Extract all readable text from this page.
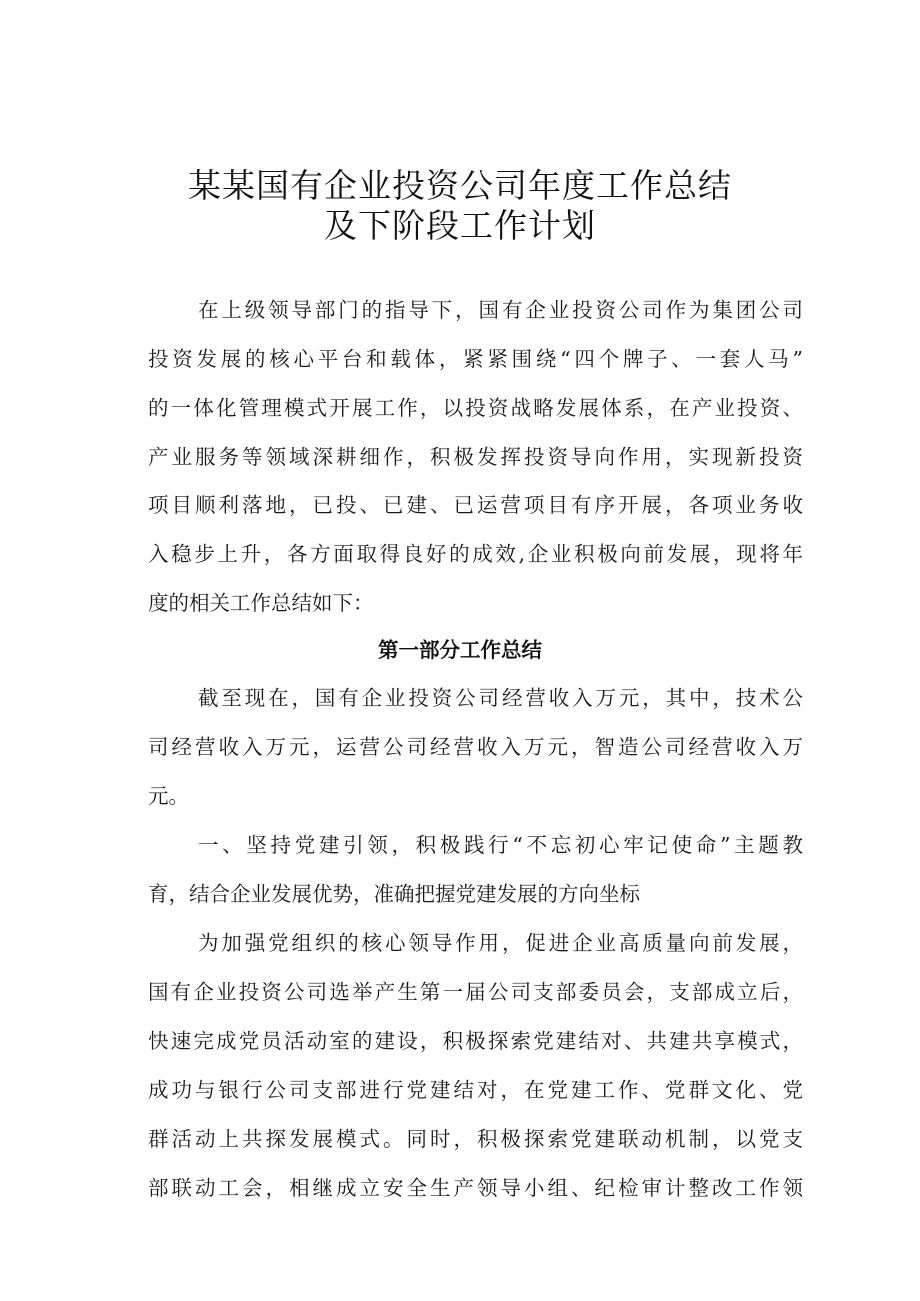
某某国有企业投资公司年度工作总结
及下阶段工作计划
在上级领导部门的指导下，国有企业投资公司作为集团公司
投资发展的核心平台和载体，紧紧围绕“四个牌子、一套人马”
的一体化管理模式开展工作，以投资战略发展体系，在产业投资、
产业服务等领域深耕细作，积极发挥投资导向作用，实现新投资
项目顺利落地，已投、已建、已运营项目有序开展，各项业务收
入稳步上升，各方面取得良好的成效,企业积极向前发展，现将年
度的相关工作总结如下：
第一部分工作总结
截至现在，国有企业投资公司经营收入万元，其中，技术公
司经营收入万元，运营公司经营收入万元，智造公司经营收入万
元。
一、坚持党建引领，积极践行“不忘初心牢记使命”主题教
育，结合企业发展优势，准确把握党建发展的方向坐标
为加强党组织的核心领导作用，促进企业高质量向前发展，
国有企业投资公司选举产生第一届公司支部委员会，支部成立后，
快速完成党员活动室的建设，积极探索党建结对、共建共享模式，
成功与银行公司支部进行党建结对，在党建工作、党群文化、党
群活动上共探发展模式。同时，积极探索党建联动机制，以党支
部联动工会，相继成立安全生产领导小组、纪检审计整改工作领
